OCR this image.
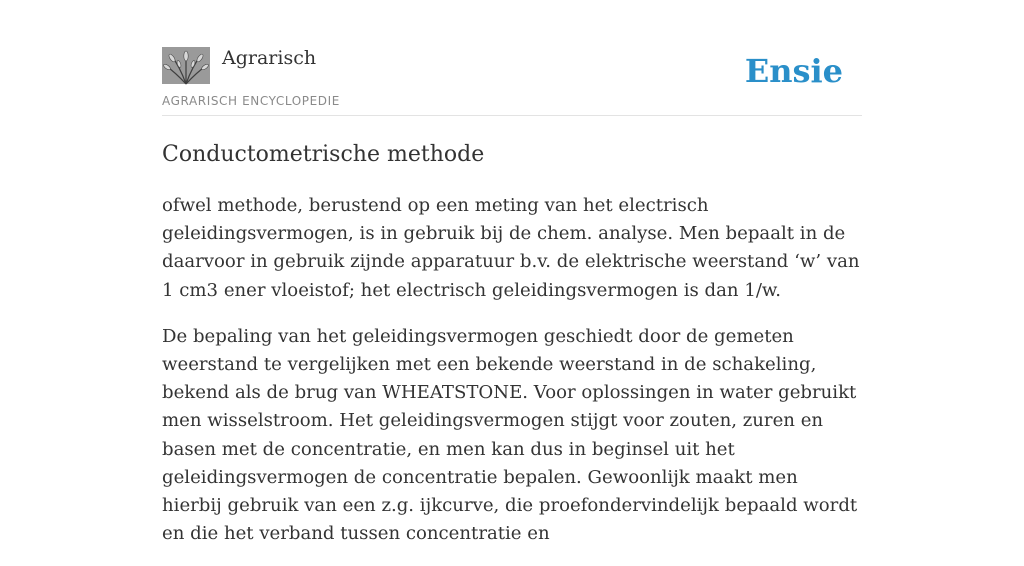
Agrarisch
AGRARISCH ENCYCLOPEDIE
Ensie
Conductometrische methode

ofwel methode, berustend op een meting van het electrisch geleidingsvermogen, is in gebruik bij de chem. analyse. Men bepaalt in de daarvoor in gebruik zijnde apparatuur b.v. de elektrische weerstand ‘w’ van 1 cm3 ener vloeistof; het electrisch geleidingsvermogen is dan 1/w.

De bepaling van het geleidingsvermogen geschiedt door de gemeten weerstand te vergelijken met een bekende weerstand in de schakeling, bekend als de brug van WHEATSTONE. Voor oplossingen in water gebruikt men wisselstroom. Het geleidingsvermogen stijgt voor zouten, zuren en basen met de concentratie, en men kan dus in beginsel uit het geleidingsvermogen de concentratie bepalen. Gewoonlijk maakt men hierbij gebruik van een z.g. ijkcurve, die proefondervindelijk bepaald wordt en die het verband tussen concentratie en
